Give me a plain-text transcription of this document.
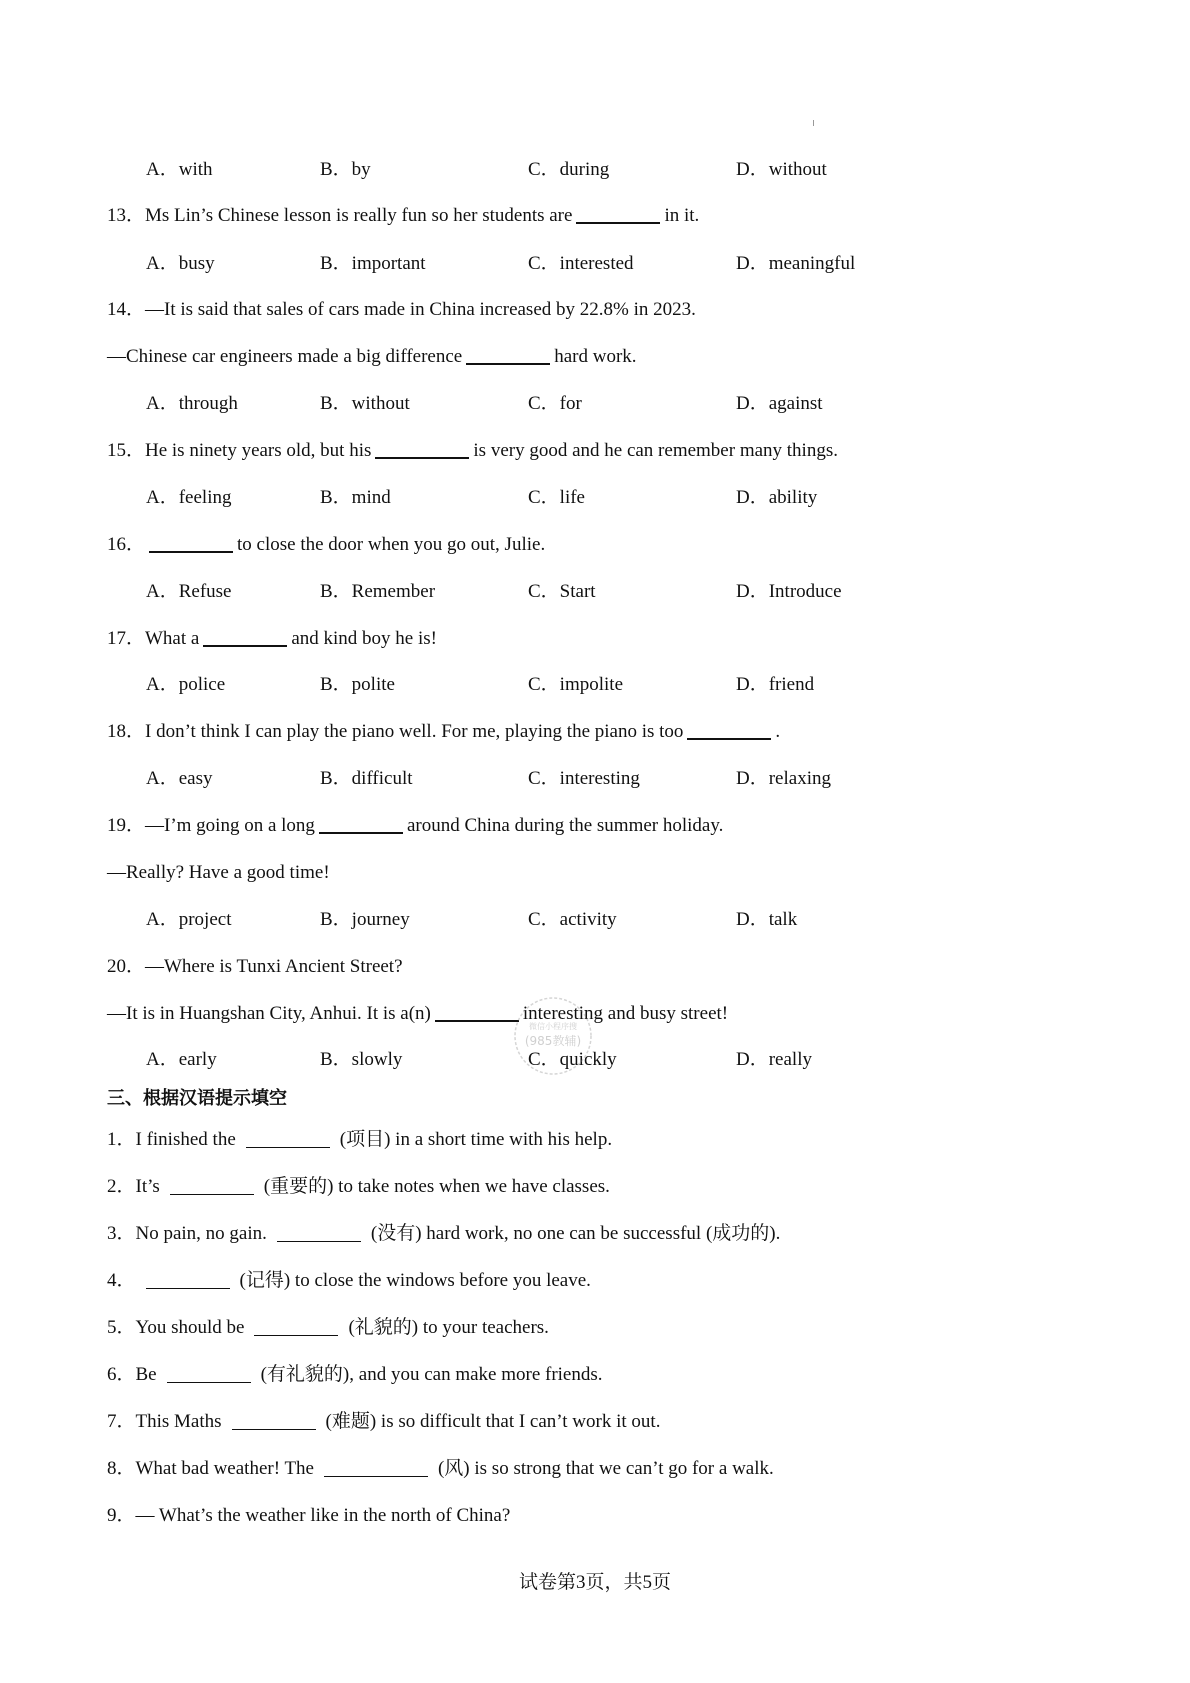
A．with	B．by	C．during	D．without
13．Ms Lin’s Chinese lesson is really fun so her students are	in it.
A．busy	B．important	C．interested	D．meaningful
14．—It is said that sales of cars made in China increased by 22.8% in 2023.
—Chinese car engineers made a big difference	hard work.
A．through	B．without	C．for	D．against
15．He is ninety years old, but his	is very good and he can remember many things.
A．feeling	B．mind	C．life	D．ability
16．	to close the door when you go out, Julie.
A．Refuse	B．Remember	C．Start	D．Introduce
17．What a	and kind boy he is!
A．police	B．polite	C．impolite	D．friend
18．I don’t think I can play the piano well. For me, playing the piano is too	.
A．easy	B．difficult	C．interesting	D．relaxing
19．—I’m going on a long	around China during the summer holiday.
—Really? Have a good time!
A．project	B．journey	C．activity	D．talk
20．—Where is Tunxi Ancient Street?
—It is in Huangshan City, Anhui. It is a(n)	interesting and busy street!
A．early	B．slowly	C．quickly	D．really
微信小程序搜
(985教辅)
三、根据汉语提示填空
1．I finished the	(项目) in a short time with his help.
2．It’s	(重要的) to take notes when we have classes.
3．No pain, no gain.	(没有) hard work, no one can be successful (成功的).
4．	(记得) to close the windows before you leave.
5．You should be	(礼貌的) to your teachers.
6．Be	(有礼貌的), and you can make more friends.
7．This Maths	(难题) is so difficult that I can’t work it out.
8．What bad weather! The	(风) is so strong that we can’t go for a walk.
9．— What’s the weather like in the north of China?
试卷第3页，共5页
